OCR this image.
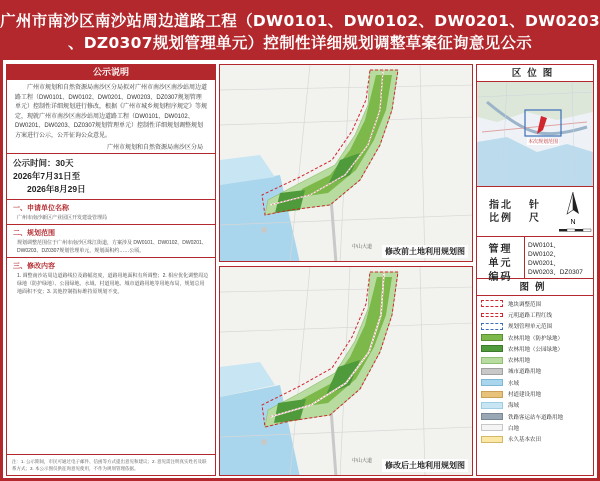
广州市南沙区南沙站周边道路工程（DW0101、DW0102、DW0201、DW0203
、DZ0307规划管理单元）控制性详细规划调整草案征询意见公示
公示说明
广州市规划和自然资源局南沙区分局拟对广州市南沙区南沙站周边道路工程（DW0101、DW0102、DW0201、DW0203、DZ0307规划管理单元）控制性详细规划进行修改，根据《广州市城乡规划程序规定》等规定，现就广州市南沙区南沙站周边道路工程（DW0101、DW0102、DW0201、DW0203、DZ0307规划管理单元）控制性详细规划调整规划方案进行公示，公开征询公众意见。
广州市规划和自然资源局南沙区分局
公示时间：30天
2026年7月31日至
2026年8月29日
一、申请单位名称
广州市南沙新区产业园区开发建设管理局
二、规划范围
规划调整范围位于广州市南沙区珠江街道，方案涉及 DW0101、DW0102、DW0201、DW0203、DZ0307规划管理单元，规划面积约……公顷。
三、修改内容
1. 调整南沙站周边道路线位及路幅宽度，道路用地面积有所调整；2. 相应优化调整周边绿地（防护绿地）、公园绿地、水域、村道用地、城市道路用地等用地布局，规划总用地面积不变；3. 其他控制指标维持原规划不变。
注：1. 公示期间，市民可通过电子邮件、信函等方式提出意见和建议；2. 意见需注明真实姓名及联系方式；3. 本公示图仅供征询意见使用，不作为规划管理依据。
中山大道	修改前土地利用规划图
中山大道	修改后土地利用规划图
区位图
本次规划范围
指北 比例
针尺	N
管理单元编码
DW0101、DW0102、DW0201、DW0203、DZ0307
图例
地块调整范围
元明道路工程红线
规划管理单元范围
农林用地（防护绿地）
农林用地（公园绿地）
农林用地
城市道路用地
水域
村道建设用地
海域
铁路客运站车道路用地
白地
永久基本农田
